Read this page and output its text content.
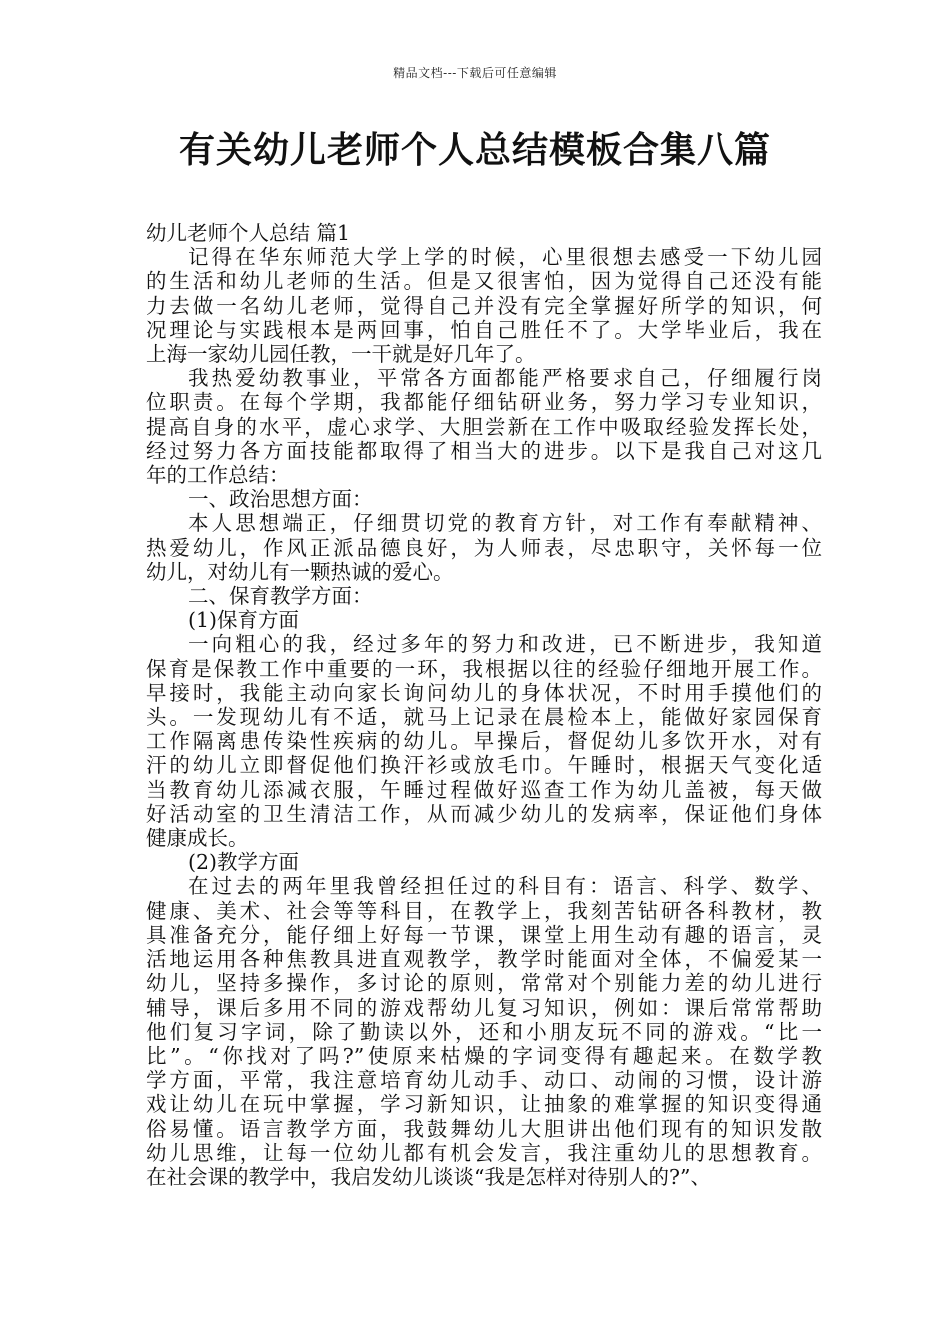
精品文档---下载后可任意编辑
有关幼儿老师个人总结模板合集八篇
幼儿老师个人总结 篇1
记得在华东师范大学上学的时候，心里很想去感受一下幼儿园
的生活和幼儿老师的生活。但是又很害怕，因为觉得自己还没有能
力去做一名幼儿老师，觉得自己并没有完全掌握好所学的知识，何
况理论与实践根本是两回事，怕自己胜任不了。大学毕业后，我在
上海一家幼儿园任教，一干就是好几年了。
我热爱幼教事业，平常各方面都能严格要求自己，仔细履行岗
位职责。在每个学期，我都能仔细钻研业务，努力学习专业知识，
提高自身的水平，虚心求学、大胆尝新在工作中吸取经验发挥长处，
经过努力各方面技能都取得了相当大的进步。以下是我自己对这几
年的工作总结：
一、政治思想方面：
本人思想端正，仔细贯切党的教育方针，对工作有奉献精神、
热爱幼儿，作风正派品德良好，为人师表，尽忠职守，关怀每一位
幼儿，对幼儿有一颗热诚的爱心。
二、保育教学方面：
(1)保育方面
一向粗心的我，经过多年的努力和改进，已不断进步，我知道
保育是保教工作中重要的一环，我根据以往的经验仔细地开展工作。
早接时，我能主动向家长询问幼儿的身体状况，不时用手摸他们的
头。一发现幼儿有不适，就马上记录在晨检本上，能做好家园保育
工作隔离患传染性疾病的幼儿。早操后，督促幼儿多饮开水，对有
汗的幼儿立即督促他们换汗衫或放毛巾。午睡时，根据天气变化适
当教育幼儿添减衣服，午睡过程做好巡查工作为幼儿盖被，每天做
好活动室的卫生清洁工作，从而减少幼儿的发病率，保证他们身体
健康成长。
(2)教学方面
在过去的两年里我曾经担任过的科目有：语言、科学、数学、
健康、美术、社会等等科目，在教学上，我刻苦钻研各科教材，教
具准备充分，能仔细上好每一节课，课堂上用生动有趣的语言，灵
活地运用各种焦教具进直观教学，教学时能面对全体，不偏爱某一
幼儿，坚持多操作，多讨论的原则，常常对个别能力差的幼儿进行
辅导，课后多用不同的游戏帮幼儿复习知识，例如：课后常常帮助
他们复习字词，除了勤读以外，还和小朋友玩不同的游戏。“比一
比”。“你找对了吗?”使原来枯燥的字词变得有趣起来。在数学教
学方面，平常，我注意培育幼儿动手、动口、动闹的习惯，设计游
戏让幼儿在玩中掌握，学习新知识，让抽象的难掌握的知识变得通
俗易懂。语言教学方面，我鼓舞幼儿大胆讲出他们现有的知识发散
幼儿思维，让每一位幼儿都有机会发言，我注重幼儿的思想教育。
在社会课的教学中，我启发幼儿谈谈“我是怎样对待别人的?”、
